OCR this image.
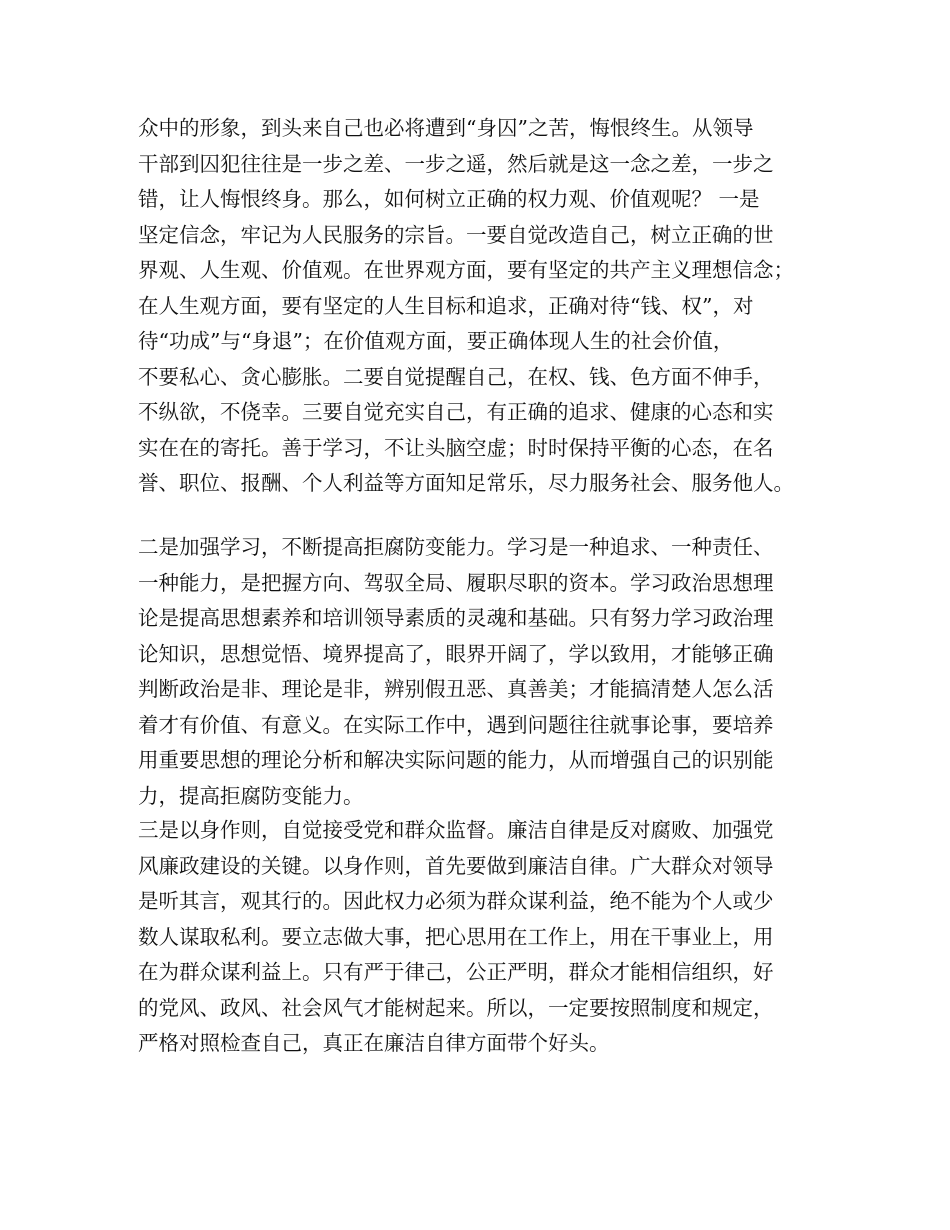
众中的形象，到头来自己也必将遭到“身囚”之苦，悔恨终生。从领导
干部到囚犯往往是一步之差、一步之遥，然后就是这一念之差，一步之
错，让人悔恨终身。那么，如何树立正确的权力观、价值观呢？ 一是
坚定信念，牢记为人民服务的宗旨。一要自觉改造自己，树立正确的世
界观、人生观、价值观。在世界观方面，要有坚定的共产主义理想信念；
在人生观方面，要有坚定的人生目标和追求，正确对待“钱、权”，对
待“功成”与“身退”；在价值观方面，要正确体现人生的社会价值，
不要私心、贪心膨胀。二要自觉提醒自己，在权、钱、色方面不伸手，
不纵欲，不侥幸。三要自觉充实自己，有正确的追求、健康的心态和实
实在在的寄托。善于学习，不让头脑空虚；时时保持平衡的心态，在名
誉、职位、报酬、个人利益等方面知足常乐，尽力服务社会、服务他人。
二是加强学习，不断提高拒腐防变能力。学习是一种追求、一种责任、
一种能力，是把握方向、驾驭全局、履职尽职的资本。学习政治思想理
论是提高思想素养和培训领导素质的灵魂和基础。只有努力学习政治理
论知识，思想觉悟、境界提高了，眼界开阔了，学以致用，才能够正确
判断政治是非、理论是非，辨别假丑恶、真善美；才能搞清楚人怎么活
着才有价值、有意义。在实际工作中，遇到问题往往就事论事，要培养
用重要思想的理论分析和解决实际问题的能力，从而增强自己的识别能
力，提高拒腐防变能力。
三是以身作则，自觉接受党和群众监督。廉洁自律是反对腐败、加强党
风廉政建设的关键。以身作则，首先要做到廉洁自律。广大群众对领导
是听其言，观其行的。因此权力必须为群众谋利益，绝不能为个人或少
数人谋取私利。要立志做大事，把心思用在工作上，用在干事业上，用
在为群众谋利益上。只有严于律己，公正严明，群众才能相信组织，好
的党风、政风、社会风气才能树起来。所以，一定要按照制度和规定，
严格对照检查自己，真正在廉洁自律方面带个好头。
